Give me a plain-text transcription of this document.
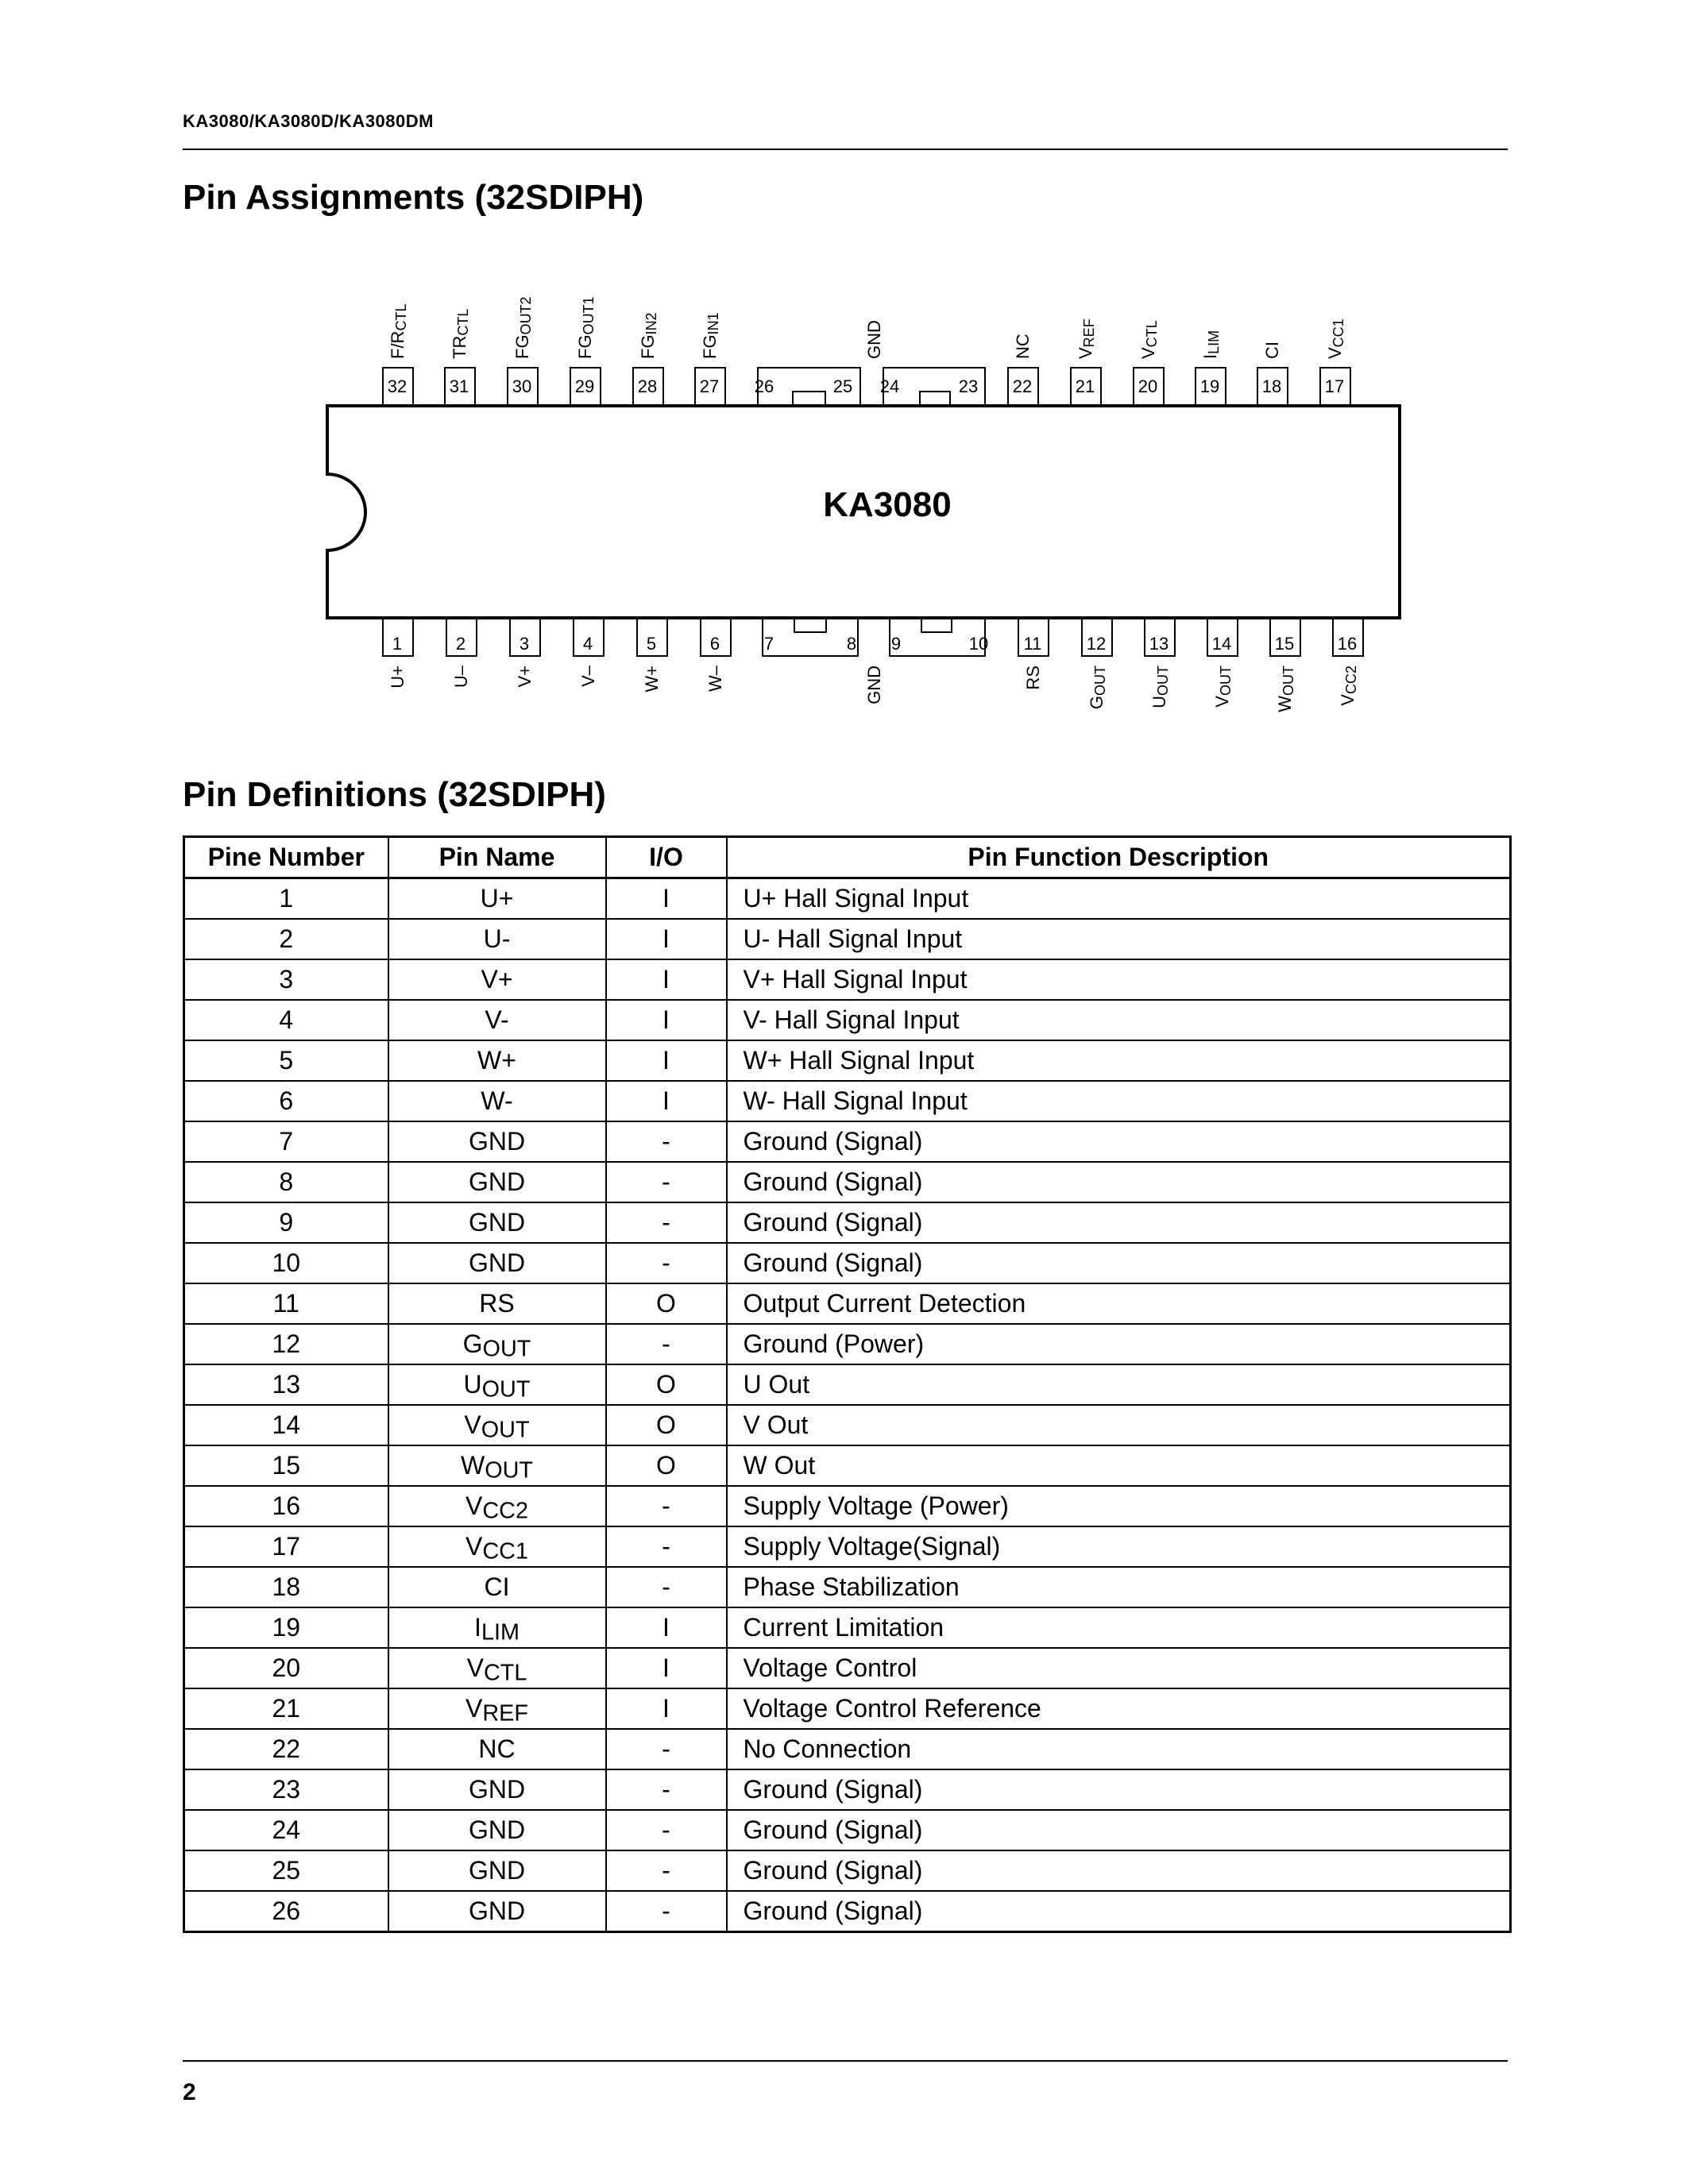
KA3080/KA3080D/KA3080DM
Pin Assignments (32SDIPH)
KA3080
32
F/RCTL
31
TRCTL
30
FGOUT2
29
FGOUT1
28
FGIN2
27
FGIN1
26	25 24	23 22
NC
21
VREF
20
VCTL
19
ILIM
18
CI
17
VCC1
GND
1
U+
2
U–
3
V+
4
V–
5
W+
6
W–
7	8 9	10 11
RS
12
GOUT
13
UOUT
14
VOUT
15
WOUT
16
VCC2
GND
Pin Definitions (32SDIPH)
Pine Number	Pin Name	I/O	Pin Function Description
1	U+	I	U+ Hall Signal Input
2	U-	I	U- Hall Signal Input
3	V+	I	V+ Hall Signal Input
4	V-	I	V- Hall Signal Input
5	W+	I	W+ Hall Signal Input
6	W-	I	W- Hall Signal Input
7	GND	-	Ground (Signal)
8	GND	-	Ground (Signal)
9	GND	-	Ground (Signal)
10	GND	-	Ground (Signal)
11	RS	O	Output Current Detection
12	$G_{OUT}$	-	Ground (Power)
13	$U_{OUT}$	O	U Out
14	$V_{OUT}$	O	V Out
15	$W_{OUT}$	O	W Out
16	$V_{CC2}$	-	Supply Voltage (Power)
17	$V_{CC1}$	-	Supply Voltage(Signal)
18	CI	-	Phase Stabilization
19	$I_{LIM}$	I	Current Limitation
20	$V_{CTL}$	I	Voltage Control
21	$V_{REF}$	I	Voltage Control Reference
22	NC	-	No Connection
23	GND	-	Ground (Signal)
24	GND	-	Ground (Signal)
25	GND	-	Ground (Signal)
26	GND	-	Ground (Signal)
2
